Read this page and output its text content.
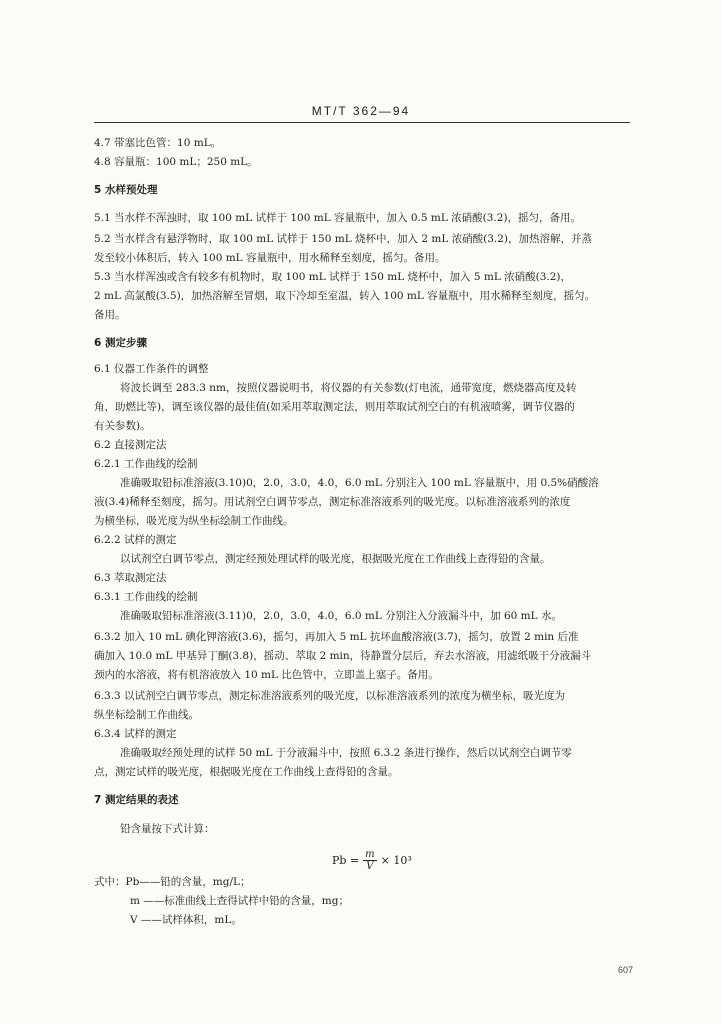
MT/T 362—94
4.7 带塞比色管：10 mL。
4.8 容量瓶：100 mL；250 mL。
5 水样预处理
5.1 当水样不浑浊时，取 100 mL 试样于 100 mL 容量瓶中，加入 0.5 mL 浓硝酸(3.2)，摇匀，备用。
5.2 当水样含有悬浮物时，取 100 mL 试样于 150 mL 烧杯中，加入 2 mL 浓硝酸(3.2)，加热溶解，并蒸
发至较小体积后，转入 100 mL 容量瓶中，用水稀释至刻度，摇匀。备用。
5.3 当水样浑浊或含有较多有机物时，取 100 mL 试样于 150 mL 烧杯中，加入 5 mL 浓硝酸(3.2)，
2 mL 高氯酸(3.5)，加热溶解至冒烟，取下冷却至室温，转入 100 mL 容量瓶中，用水稀释至刻度，摇匀。
备用。
6 测定步骤
6.1 仪器工作条件的调整
将波长调至 283.3 nm，按照仪器说明书，将仪器的有关参数(灯电流，通带宽度，燃烧器高度及转
角，助燃比等)，调至该仪器的最佳值(如采用萃取测定法，则用萃取试剂空白的有机液喷雾，调节仪器的
有关参数)。
6.2 直接测定法
6.2.1 工作曲线的绘制
准确吸取铅标准溶液(3.10)0，2.0，3.0，4.0，6.0 mL 分别注入 100 mL 容量瓶中，用 0.5%硝酸溶
液(3.4)稀释至刻度，摇匀。用试剂空白调节零点，测定标准溶液系列的吸光度。以标准溶液系列的浓度
为横坐标，吸光度为纵坐标绘制工作曲线。
6.2.2 试样的测定
以试剂空白调节零点，测定经预处理试样的吸光度，根据吸光度在工作曲线上查得铅的含量。
6.3 萃取测定法
6.3.1 工作曲线的绘制
准确吸取铅标准溶液(3.11)0，2.0，3.0，4.0，6.0 mL 分别注入分液漏斗中，加 60 mL 水。
6.3.2 加入 10 mL 碘化钾溶液(3.6)，摇匀，再加入 5 mL 抗坏血酸溶液(3.7)，摇匀，放置 2 min 后准
确加入 10.0 mL 甲基异丁酮(3.8)，摇动、萃取 2 min，待静置分层后，弃去水溶液，用滤纸吸干分液漏斗
颈内的水溶液，将有机溶液放入 10 mL 比色管中，立即盖上塞子。备用。
6.3.3 以试剂空白调节零点，测定标准溶液系列的吸光度，以标准溶液系列的浓度为横坐标，吸光度为
纵坐标绘制工作曲线。
6.3.4 试样的测定
准确吸取经预处理的试样 50 mL 于分液漏斗中，按照 6.3.2 条进行操作，然后以试剂空白调节零
点，测定试样的吸光度，根据吸光度在工作曲线上查得铅的含量。
7 测定结果的表述
铅含量按下式计算：
$Pb = \frac{m}{V} \times 10^3$
式中：Pb——铅的含量，mg/L；
m ——标准曲线上查得试样中铅的含量，mg；
V ——试样体积，mL。
607
